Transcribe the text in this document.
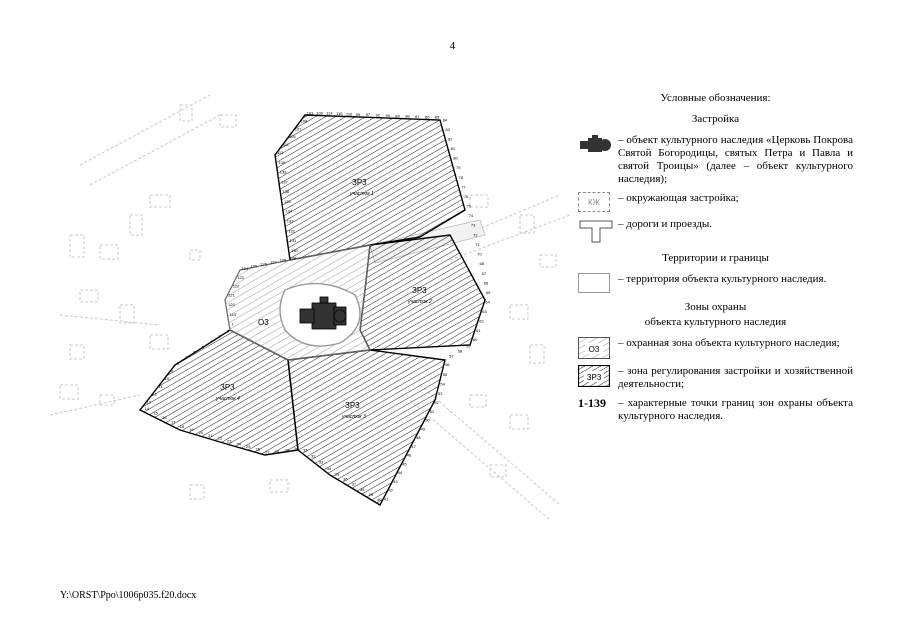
4
ЗР3
участок 1
ЗР3
участок 2
ЗР3
участок 3
ЗР3
участок 4
О3
113
111
105
107
108
103 100 114 115 116 99 97 92 90 89 88 87 86 85
84
83
82
81
80
79
78
77
76
75
74
73
72
71
70
68
67
66
65
64
63
62
61
60
59
58
57
56
55
54
53
52
51
50
49
48
47
46
45
44
43
42
41
40
39
38
37
36
35
34
33
32
31
30
29
28
27
26
25
24
23
22
21
20
19
18
17
16
15
14
13
12
11
10
9
8
7
6
5
4
3
2
1
119
120
121
122
123
124
125 126 127 128 129
130
131
132
133
134
135
136
137
138
139
Условные обозначения:
Застройка
– объект культурного наследия «Церковь Покрова Святой Богородицы, святых Петра и Павла и святой Троицы» (далее – объект культурного наследия);
КЖ – окружающая застройка;
– дороги и проезды.
Территории и границы
– территория объекта культурного наследия.
Зоны охраны
объекта культурного наследия
О3
– охранная зона объекта культурного наследия;
ЗР3
– зона регулирования застройки и хозяйственной деятельности;
1-139 – характерные точки границ зон охраны объекта культурного наследия.
Y:\ORST\Ppo\1006p035.f20.docx
